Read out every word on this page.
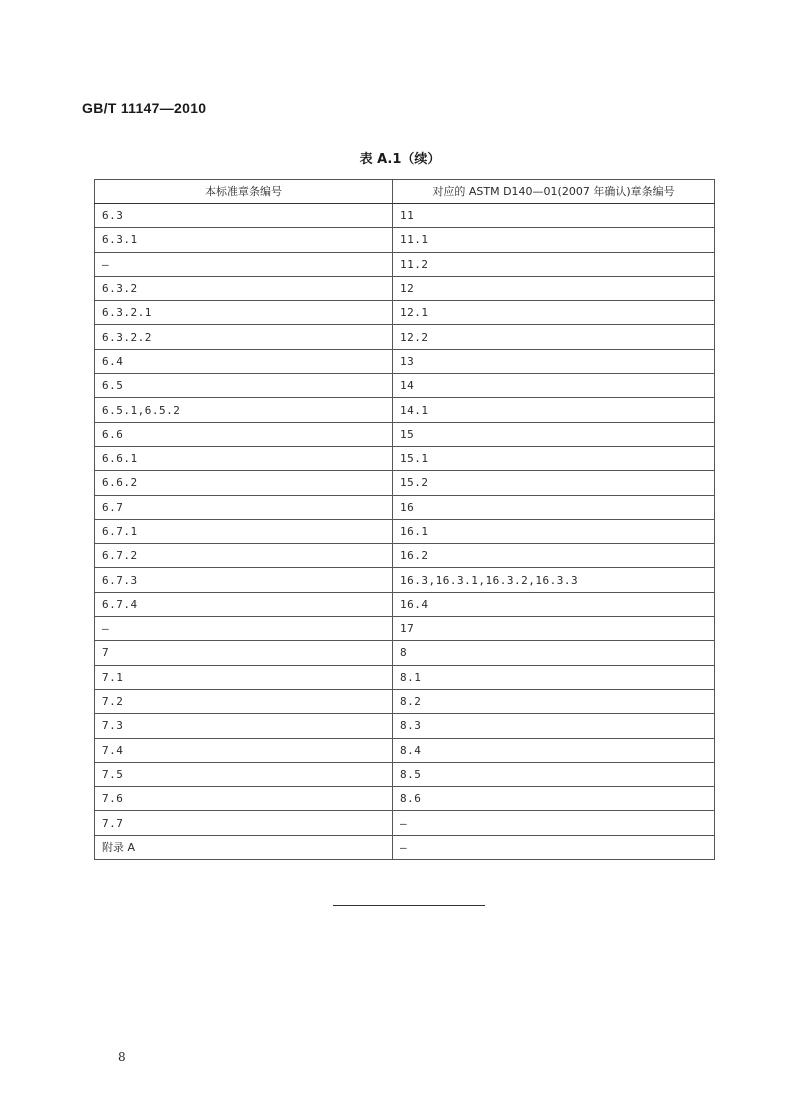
GB/T 11147—2010
表 A.1（续）
本标准章条编号	对应的 ASTM D140—01(2007 年确认)章条编号
6.3	11
6.3.1	11.1
—	11.2
6.3.2	12
6.3.2.1	12.1
6.3.2.2	12.2
6.4	13
6.5	14
6.5.1,6.5.2	14.1
6.6	15
6.6.1	15.1
6.6.2	15.2
6.7	16
6.7.1	16.1
6.7.2	16.2
6.7.3	16.3,16.3.1,16.3.2,16.3.3
6.7.4	16.4
—	17
7	8
7.1	8.1
7.2	8.2
7.3	8.3
7.4	8.4
7.5	8.5
7.6	8.6
7.7	—
附录 A	—
8
